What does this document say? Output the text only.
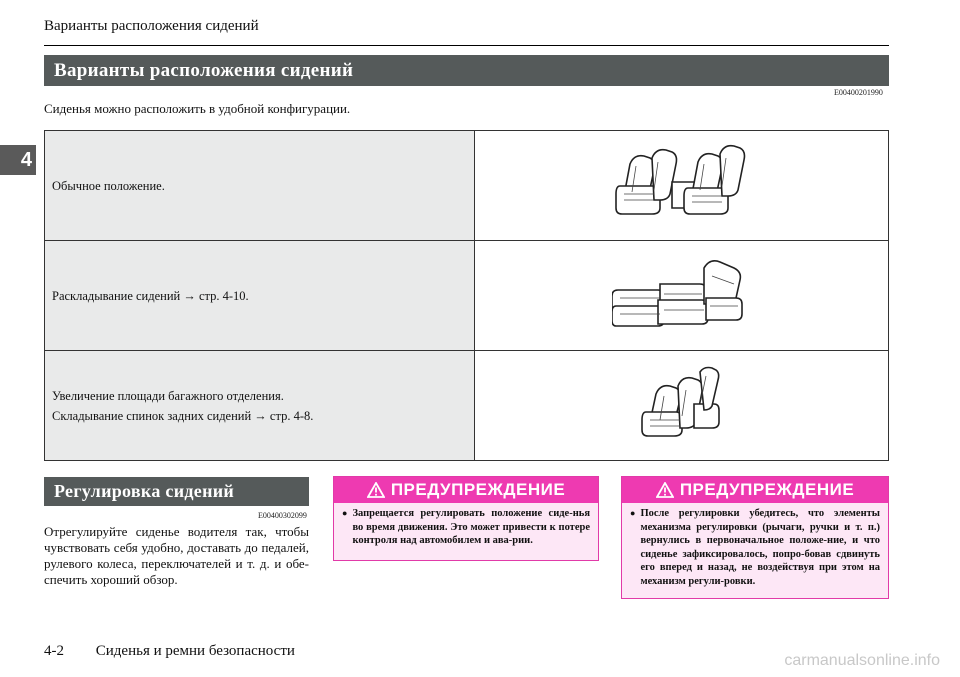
Варианты расположения сидений
4
Варианты расположения сидений
E00400201990
Сиденья можно расположить в удобной конфигурации.
Обычное положение.

Раскладывание сидений → стр. 4-10.

Увеличение площади багажного отделения.
Складывание спинок задних сидений → стр. 4-8.

Регулировка сидений
E00400302099
Отрегулируйте сиденье водителя так, чтобы чувствовать себя удобно, доставать до педалей, рулевого колеса, переключателей и т. д. и обе-спечить хороший обзор.
ПРЕДУПРЕЖДЕНИЕ
● Запрещается регулировать положение сиде-нья во время движения. Это может привести к потере контроля над автомобилем и ава-рии.
ПРЕДУПРЕЖДЕНИЕ
● После регулировки убедитесь, что элементы механизма регулировки (рычаги, ручки и т. п.) вернулись в первоначальное положе-ние, и что сиденье зафиксировалось, попро-бовав сдвинуть его вперед и назад, не воздействуя при этом на механизм регули-ровки.
4-2 Сиденья и ремни безопасности
carmanualsonline.info
